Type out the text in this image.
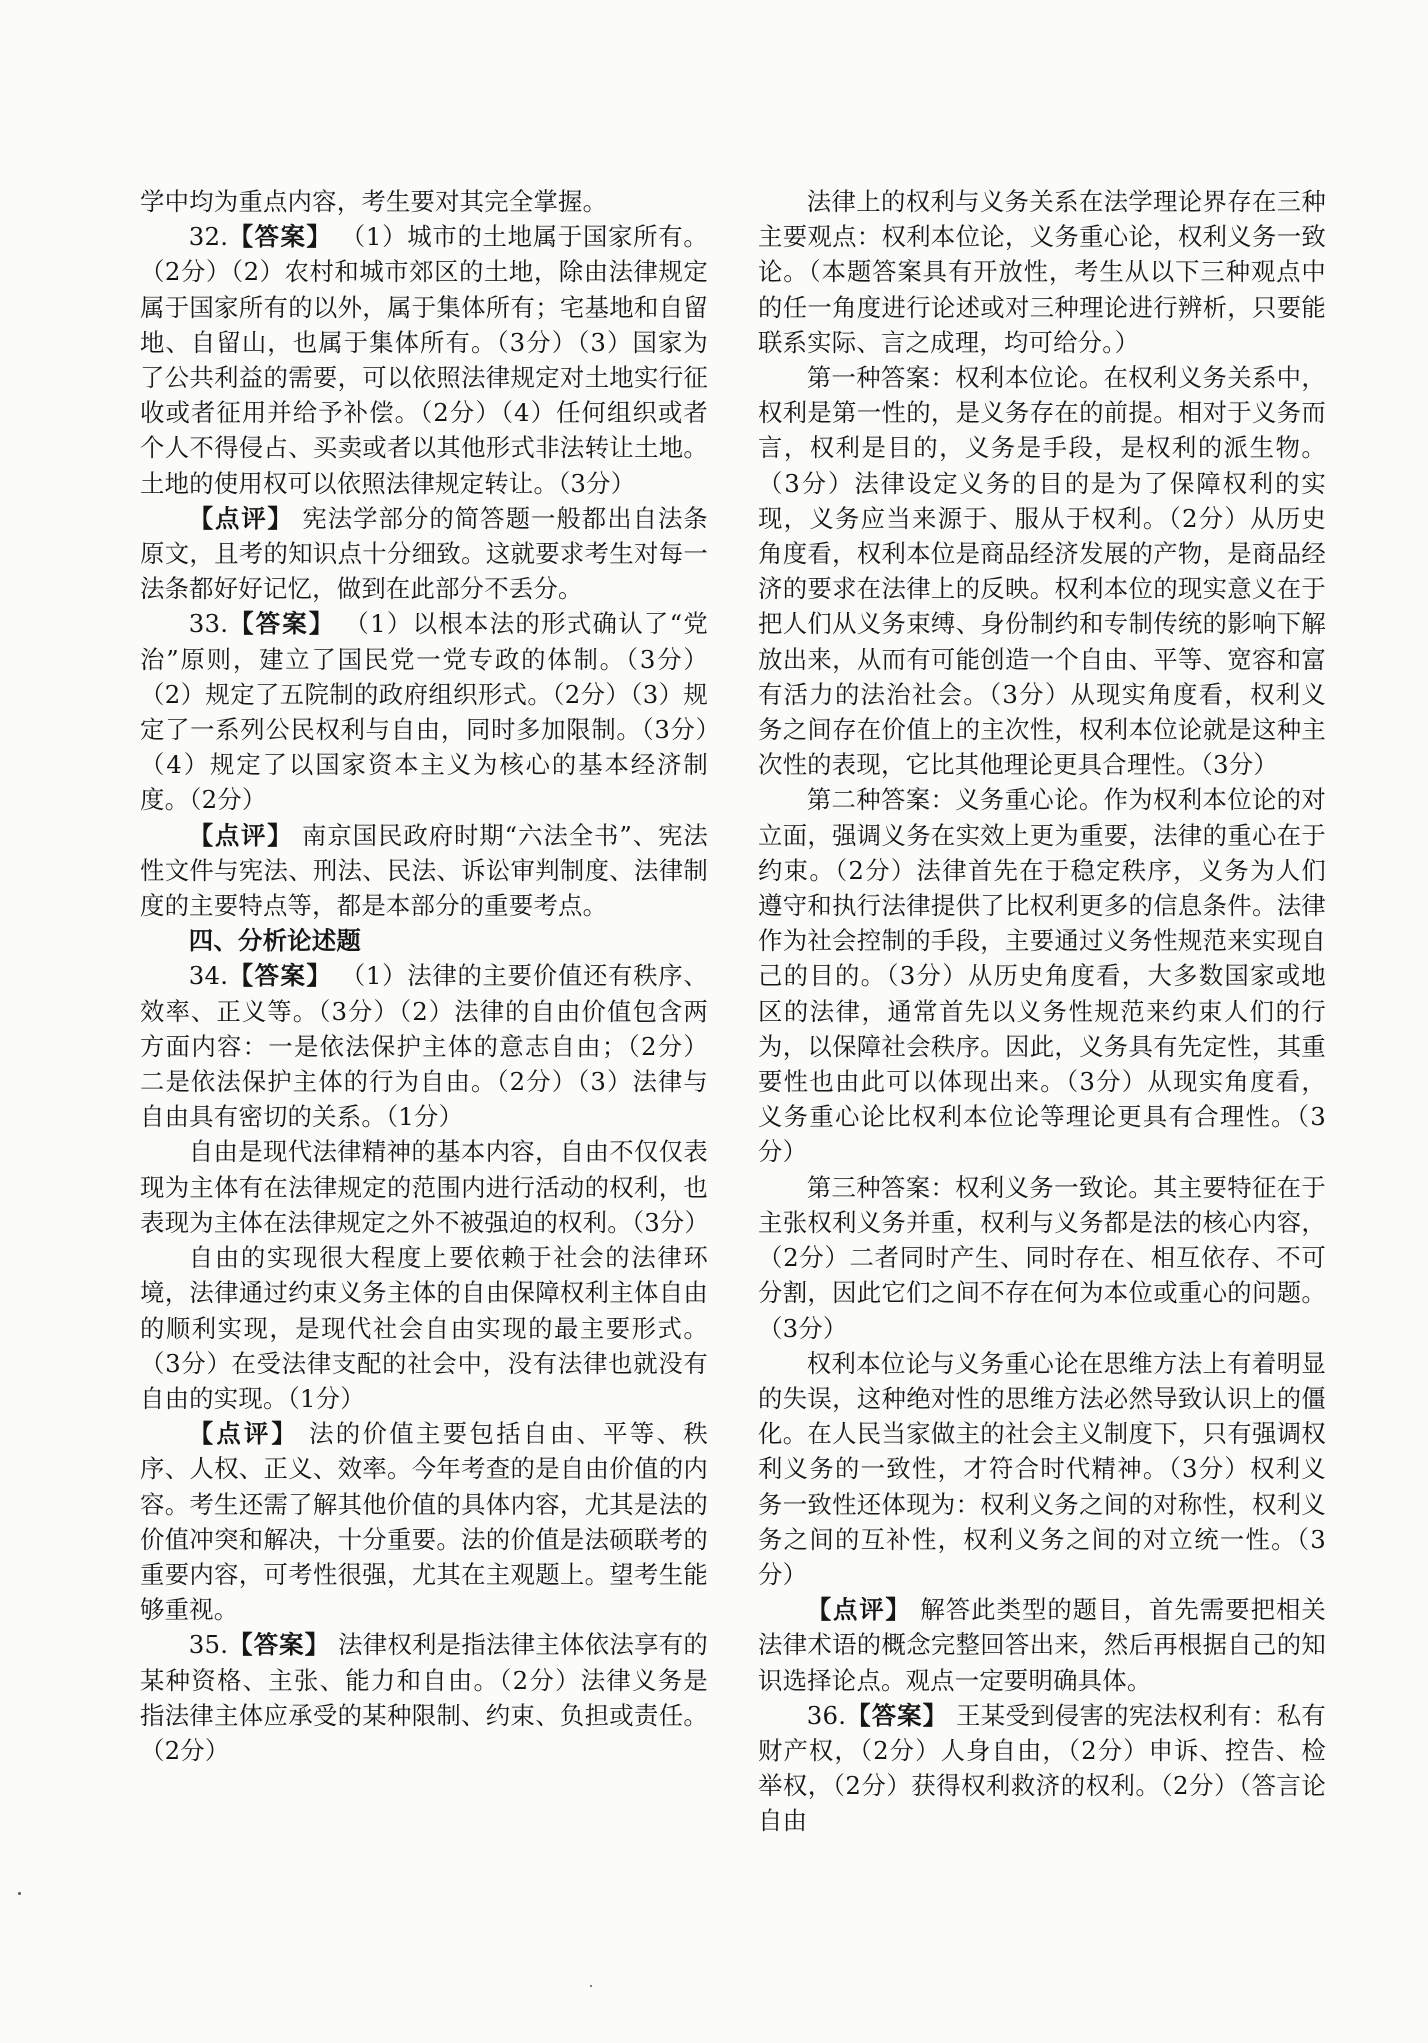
学中均为重点内容，考生要对其完全掌握。

32.【答案】 （1）城市的土地属于国家所有。（2分）（2）农村和城市郊区的土地，除由法律规定属于国家所有的以外，属于集体所有；宅基地和自留地、自留山，也属于集体所有。（3分）（3）国家为了公共利益的需要，可以依照法律规定对土地实行征收或者征用并给予补偿。（2分）（4）任何组织或者个人不得侵占、买卖或者以其他形式非法转让土地。土地的使用权可以依照法律规定转让。（3分）

【点评】 宪法学部分的简答题一般都出自法条原文，且考的知识点十分细致。这就要求考生对每一法条都好好记忆，做到在此部分不丢分。

33.【答案】 （1）以根本法的形式确认了“党治”原则，建立了国民党一党专政的体制。（3分）（2）规定了五院制的政府组织形式。（2分）（3）规定了一系列公民权利与自由，同时多加限制。（3分）（4）规定了以国家资本主义为核心的基本经济制度。（2分）

【点评】 南京国民政府时期“六法全书”、宪法性文件与宪法、刑法、民法、诉讼审判制度、法律制度的主要特点等，都是本部分的重要考点。

四、分析论述题

34.【答案】 （1）法律的主要价值还有秩序、效率、正义等。（3分）（2）法律的自由价值包含两方面内容：一是依法保护主体的意志自由；（2分）二是依法保护主体的行为自由。（2分）（3）法律与自由具有密切的关系。（1分）

自由是现代法律精神的基本内容，自由不仅仅表现为主体有在法律规定的范围内进行活动的权利，也表现为主体在法律规定之外不被强迫的权利。（3分）

自由的实现很大程度上要依赖于社会的法律环境，法律通过约束义务主体的自由保障权利主体自由的顺利实现，是现代社会自由实现的最主要形式。（3分）在受法律支配的社会中，没有法律也就没有自由的实现。（1分）

【点评】 法的价值主要包括自由、平等、秩序、人权、正义、效率。今年考查的是自由价值的内容。考生还需了解其他价值的具体内容，尤其是法的价值冲突和解决，十分重要。法的价值是法硕联考的重要内容，可考性很强，尤其在主观题上。望考生能够重视。

35.【答案】 法律权利是指法律主体依法享有的某种资格、主张、能力和自由。（2分）法律义务是指法律主体应承受的某种限制、约束、负担或责任。（2分）

法律上的权利与义务关系在法学理论界存在三种主要观点：权利本位论，义务重心论，权利义务一致论。（本题答案具有开放性，考生从以下三种观点中的任一角度进行论述或对三种理论进行辨析，只要能联系实际、言之成理，均可给分。）

第一种答案：权利本位论。在权利义务关系中，权利是第一性的，是义务存在的前提。相对于义务而言，权利是目的，义务是手段，是权利的派生物。（3分）法律设定义务的目的是为了保障权利的实现，义务应当来源于、服从于权利。（2分）从历史角度看，权利本位是商品经济发展的产物，是商品经济的要求在法律上的反映。权利本位的现实意义在于把人们从义务束缚、身份制约和专制传统的影响下解放出来，从而有可能创造一个自由、平等、宽容和富有活力的法治社会。（3分）从现实角度看，权利义务之间存在价值上的主次性，权利本位论就是这种主次性的表现，它比其他理论更具合理性。（3分）

第二种答案：义务重心论。作为权利本位论的对立面，强调义务在实效上更为重要，法律的重心在于约束。（2分）法律首先在于稳定秩序，义务为人们遵守和执行法律提供了比权利更多的信息条件。法律作为社会控制的手段，主要通过义务性规范来实现自己的目的。（3分）从历史角度看，大多数国家或地区的法律，通常首先以义务性规范来约束人们的行为，以保障社会秩序。因此，义务具有先定性，其重要性也由此可以体现出来。（3分）从现实角度看，义务重心论比权利本位论等理论更具有合理性。（3分）

第三种答案：权利义务一致论。其主要特征在于主张权利义务并重，权利与义务都是法的核心内容，（2分）二者同时产生、同时存在、相互依存、不可分割，因此它们之间不存在何为本位或重心的问题。（3分）

权利本位论与义务重心论在思维方法上有着明显的失误，这种绝对性的思维方法必然导致认识上的僵化。在人民当家做主的社会主义制度下，只有强调权利义务的一致性，才符合时代精神。（3分）权利义务一致性还体现为：权利义务之间的对称性，权利义务之间的互补性，权利义务之间的对立统一性。（3分）

【点评】 解答此类型的题目，首先需要把相关法律术语的概念完整回答出来，然后再根据自己的知识选择论点。观点一定要明确具体。

36.【答案】 王某受到侵害的宪法权利有：私有财产权，（2分）人身自由，（2分）申诉、控告、检举权，（2分）获得权利救济的权利。（2分）（答言论自由
